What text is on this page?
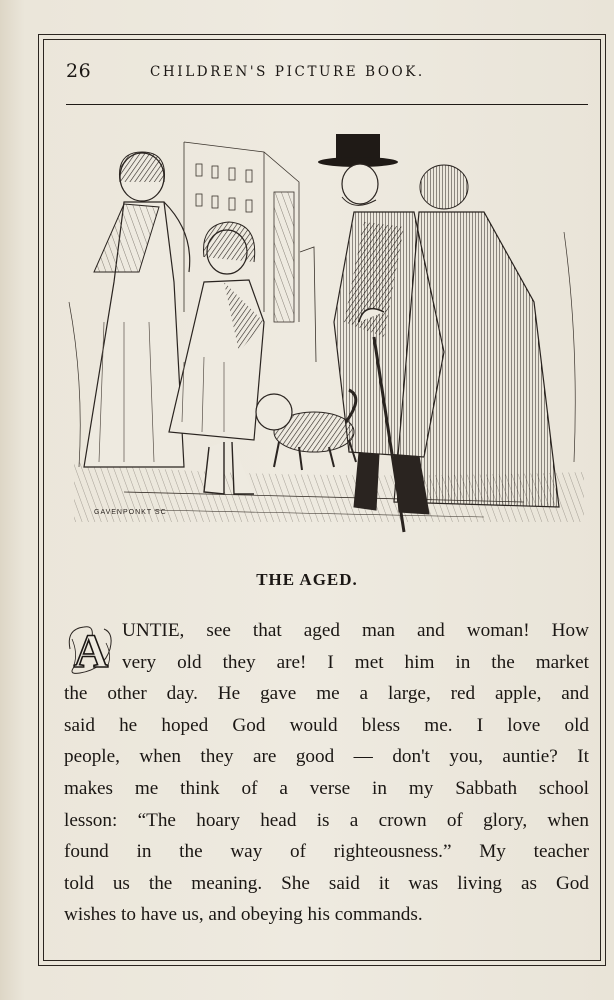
26	CHILDREN'S PICTURE BOOK.
GAVENPONKT SC
THE AGED.
A UNTIE, see that aged man and woman! How
very old they are! I met him in the market
the other day. He gave me a large, red apple, and
said he hoped God would bless me. I love old
people, when they are good — don't you, auntie? It
makes me think of a verse in my Sabbath school
lesson: “The hoary head is a crown of glory, when
found in the way of righteousness.” My teacher
told us the meaning. She said it was living as God
wishes to have us, and obeying his commands.
